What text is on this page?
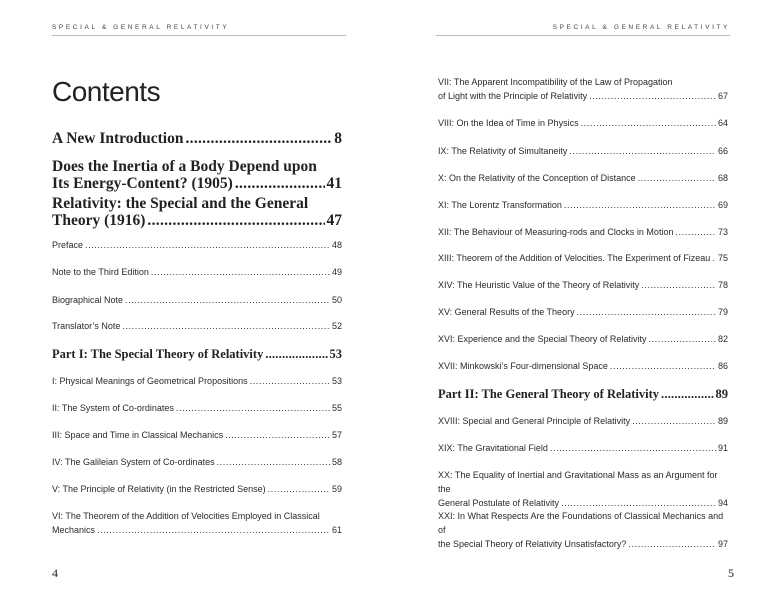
SPECIAL & GENERAL RELATIVITY
Contents
A New Introduction .....	8
Does the Inertia of a Body Depend upon
Its Energy-Content? (1905) .....	41
Relativity: the Special and the General
Theory (1916) .....	47
Preface .....	48
Note to the Third Edition .....	49
Biographical Note .....	50
Translator’s Note .....	52
Part I: The Special Theory of Relativity .....	53
I: Physical Meanings of Geometrical Propositions .....	53
II: The System of Co-ordinates .....	55
III: Space and Time in Classical Mechanics .....	57
IV: The Galileian System of Co-ordinates .....	58
V: The Principle of Relativity (in the Restricted Sense) .....	59
VI: The Theorem of the Addition of Velocities Employed in Classical
Mechanics .....	61
4
SPECIAL & GENERAL RELATIVITY
VII: The Apparent Incompatibility of the Law of Propagation
of Light with the Principle of Relativity .....	67
VIII: On the Idea of Time in Physics .....	64
IX: The Relativity of Simultaneity .....	66
X: On the Relativity of the Conception of Distance .....	68
XI: The Lorentz Transformation .....	69
XII: The Behaviour of Measuring-rods and Clocks in Motion .....	73
XIII: Theorem of the Addition of Velocities. The Experiment of Fizeau ..... 75
XIV: The Heuristic Value of the Theory of Relativity .....	78
XV: General Results of the Theory .....	79
XVI: Experience and the Special Theory of Relativity .....	82
XVII: Minkowski’s Four-dimensional Space .....	86
Part II: The General Theory of Relativity .....	89
XVIII: Special and General Principle of Relativity .....	89
XIX: The Gravitational Field .....	91
XX: The Equality of Inertial and Gravitational Mass as an Argument for the
General Postulate of Relativity .....	94
XXI: In What Respects Are the Foundations of Classical Mechanics and of
the Special Theory of Relativity Unsatisfactory? .....	97
5
